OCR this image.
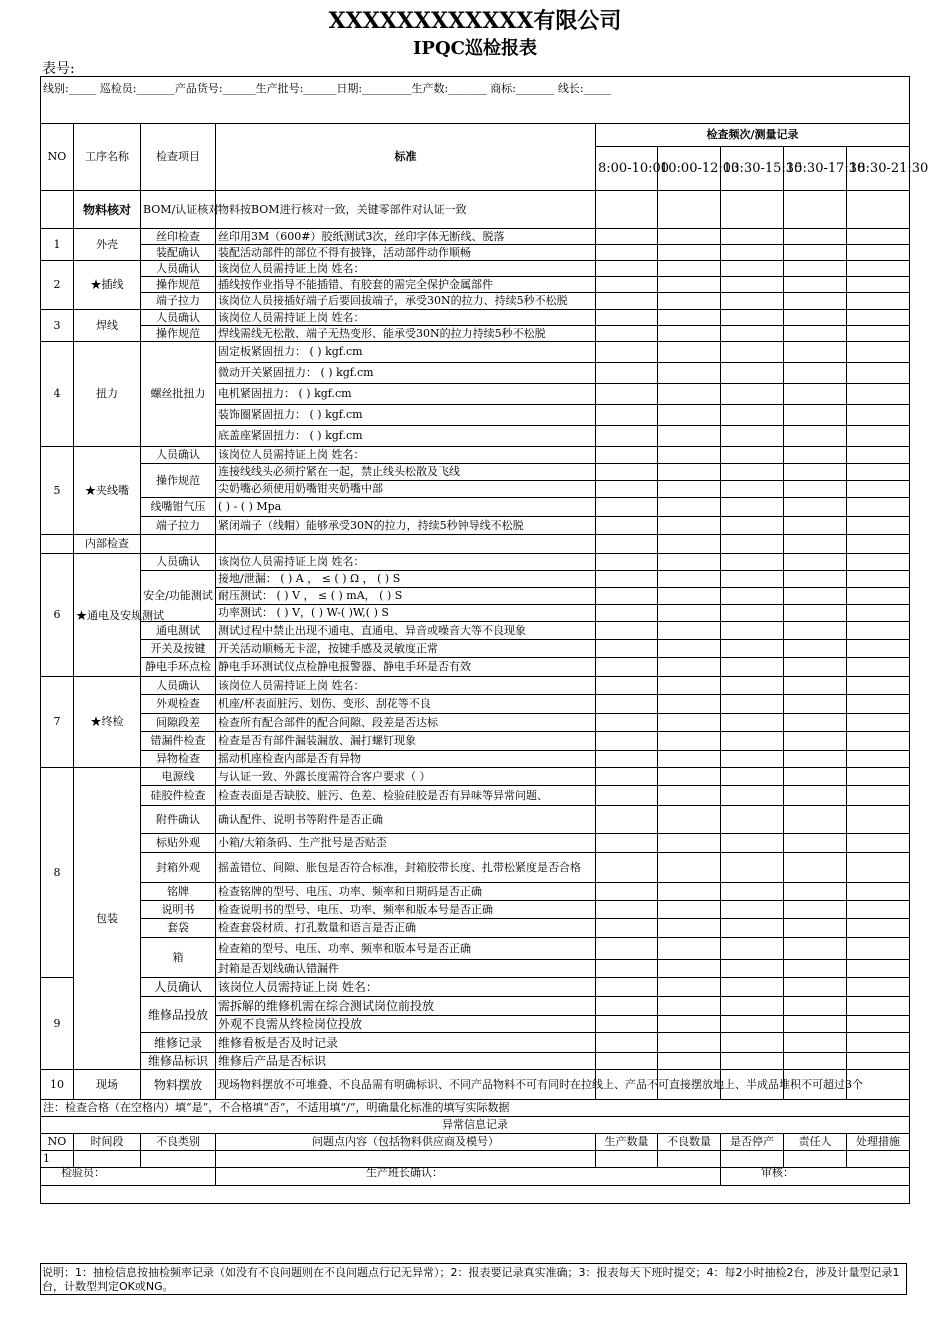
XXXXXXXXXXXX有限公司
IPQC巡检报表
表号:
线别:_____ 巡检员:_______产品货号:______生产批号:______日期:_________生产数:_______ 商标:_______ 线长:_____								
NO	工序名称	检查项目	标准	检查频次/测量记录				
				8:00-10:00	10:00-12:00	13:30-15:30	15:30-17:30	18:30-21:30
	物料核对	BOM/认证核对	物料按BOM进行核对一致，关键零部件对认证一致					
1	外壳	丝印检查	丝印用3M（600#）胶纸测试3次，丝印字体无断线、脱落					
		装配确认	装配活动部件的部位不得有披锋，活动部件动作顺畅					
2	★插线	人员确认	该岗位人员需持证上岗 姓名：					
		操作规范	插线按作业指导不能插错、有胶套的需完全保护金属部件					
		端子拉力	该岗位人员接插好端子后要回拔端子，承受30N的拉力、持续5秒不松脱					
3	焊线	人员确认	该岗位人员需持证上岗 姓名：					
		操作规范	焊线需线无松散、端子无热变形、能承受30N的拉力持续5秒不松脱					
4	扭力	螺丝批扭力	固定板紧固扭力： ( ) kgf.cm					
			微动开关紧固扭力： ( ) kgf.cm					
			电机紧固扭力： ( ) kgf.cm					
			装饰圈紧固扭力： ( ) kgf.cm					
			底盖座紧固扭力： ( ) kgf.cm					
5	★夹线嘴	人员确认	该岗位人员需持证上岗 姓名：					
		操作规范	连接线线头必须拧紧在一起，禁止线头松散及飞线					
			尖奶嘴必须使用奶嘴钳夹奶嘴中部					
		线嘴钳气压	( ) - ( ) Mpa					
		端子拉力	紧闭端子（线帽）能够承受30N的拉力，持续5秒钟导线不松脱					
	内部检查							
6	★通电及安规测试	人员确认	该岗位人员需持证上岗 姓名：					
		安全/功能测试	接地/泄漏： ( ) A ， ≤ ( ) Ω ， ( ) S					
			耐压测试： ( ) V ， ≤ ( ) mA， ( ) S					
			功率测试： ( ) V，( ) W-( )W,( ) S					
		通电测试	测试过程中禁止出现不通电、直通电、异音或噪音大等不良现象					
		开关及按键	开关活动顺畅无卡涩，按键手感及灵敏度正常					
		静电手环点检	静电手环测试仪点检静电报警器、静电手环是否有效					
7	★终检	人员确认	该岗位人员需持证上岗 姓名：					
		外观检查	机座/杯表面脏污、划伤、变形、刮花等不良					
		间隙段差	检查所有配合部件的配合间隙、段差是否达标					
		错漏件检查	检查是否有部件漏装漏放、漏打螺钉现象					
		异物检查	摇动机座检查内部是否有异物					
8	包装	电源线	与认证一致、外露长度需符合客户要求（ ）					
		硅胶件检查	检查表面是否缺胶、脏污、色差、检验硅胶是否有异味等异常问题、					
		附件确认	确认配件、说明书等附件是否正确					
		标贴外观	小箱/大箱条码、生产批号是否贴歪					
		封箱外观	摇盖错位、间隙、胀包是否符合标准，封箱胶带长度、扎带松紧度是否合格					
		铭牌	检查铭牌的型号、电压、功率、频率和日期码是否正确					
		说明书	检查说明书的型号、电压、功率、频率和版本号是否正确					
		套袋	检查套袋材质、打孔数量和语言是否正确					
		箱	检查箱的型号、电压、功率、频率和版本号是否正确					
			封箱是否划线确认错漏件					
9		人员确认	该岗位人员需持证上岗 姓名：					
		维修品投放	需拆解的维修机需在综合测试岗位前投放					
			外观不良需从终检岗位投放					
		维修记录	维修看板是否及时记录					
		维修品标识	维修后产品是否标识					
10	现场	物料摆放	现场物料摆放不可堆叠、不良品需有明确标识、不同产品物料不可有同时在拉线上、产品不可直接摆放地上、半成品堆积不可超过3个					
注：检查合格（在空格内）填“是”，不合格填“否”，不适用填“/”，明确量化标准的填写实际数据								
异常信息记录								
NO	时间段	不良类别	问题点内容（包括物料供应商及模号）	生产数量	不良数量	是否停产	责任人	处理措施
1								
检验员：			生产班长确认：			审核：		

说明：1：抽检信息按抽检频率记录（如没有不良问题则在不良问题点行记无异常）；2：报表要记录真实准确；3：报表每天下班时提交；4：每2小时抽检2台，涉及计量型记录1台，计数型判定OK或NG。
